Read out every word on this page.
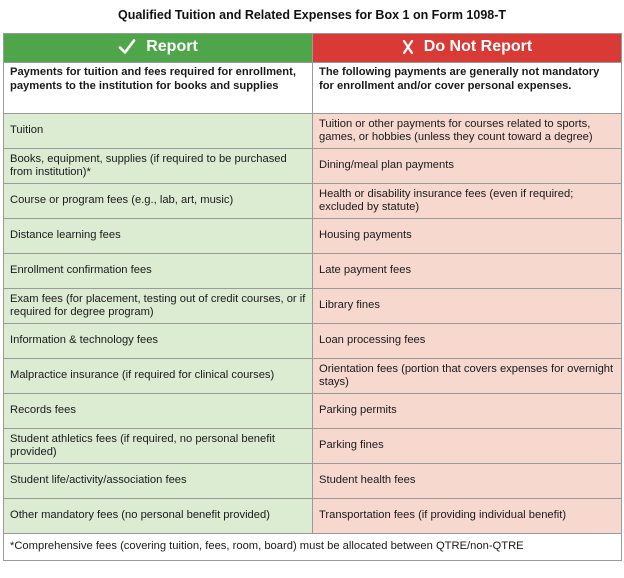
Qualified Tuition and Related Expenses for Box 1 on Form 1098-T
Report	Do Not Report

Payments for tuition and fees required for enrollment, payments to the institution for books and supplies	The following payments are generally not mandatory for enrollment and/or cover personal expenses.
Tuition	Tuition or other payments for courses related to sports, games, or hobbies (unless they count toward a degree)
Books, equipment, supplies (if required to be purchased from institution)*	Dining/meal plan payments
Course or program fees (e.g., lab, art, music)	Health or disability insurance fees (even if required; excluded by statute)
Distance learning fees	Housing payments
Enrollment confirmation fees	Late payment fees
Exam fees (for placement, testing out of credit courses, or if required for degree program)	Library fines
Information & technology fees	Loan processing fees
Malpractice insurance (if required for clinical courses)	Orientation fees (portion that covers expenses for overnight stays)
Records fees	Parking permits
Student athletics fees (if required, no personal benefit provided)	Parking fines
Student life/activity/association fees	Student health fees
Other mandatory fees (no personal benefit provided)	Transportation fees (if providing individual benefit)
*Comprehensive fees (covering tuition, fees, room, board) must be allocated between QTRE/non-QTRE	
